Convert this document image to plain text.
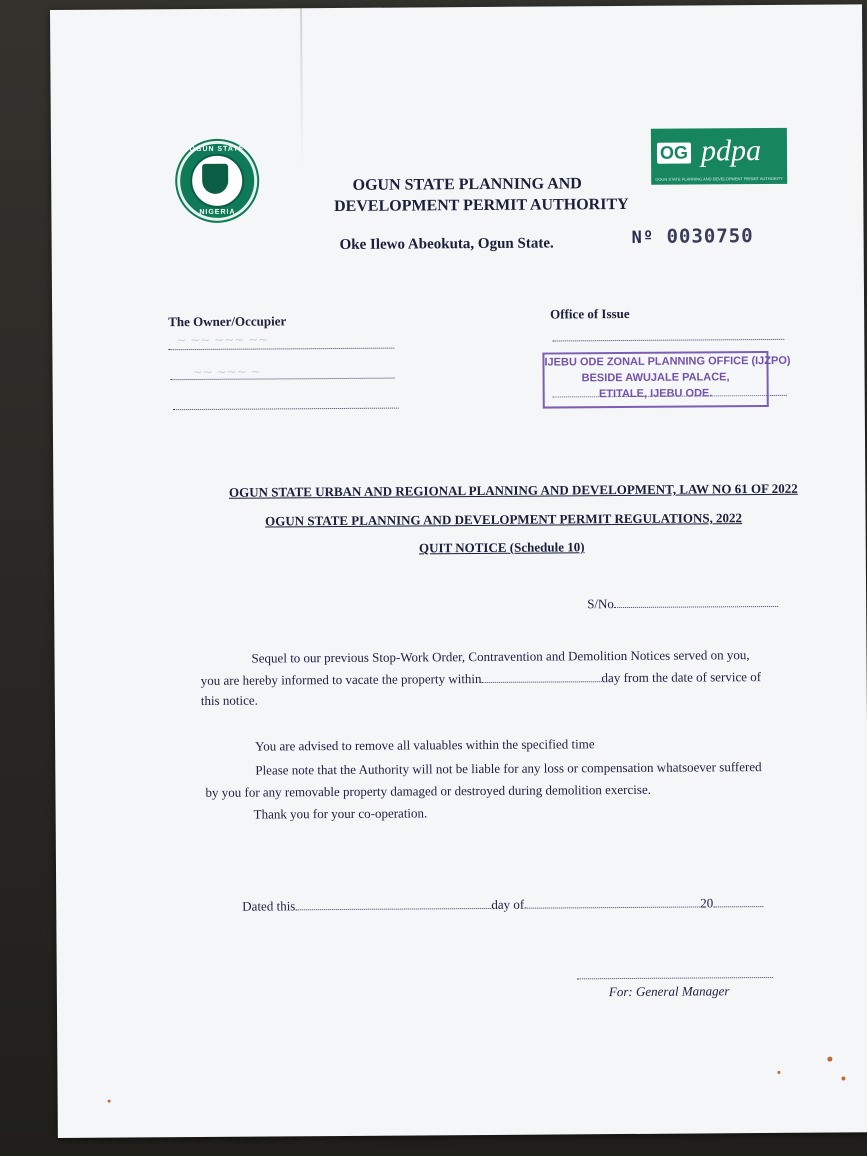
OGUN STATE
NIGERIA
OG pdpa
OGUN STATE PLANNING AND DEVELOPMENT PERMIT AUTHORITY
OGUN STATE PLANNING AND
DEVELOPMENT PERMIT AUTHORITY
Oke Ilewo Abeokuta, Ogun State.	Nº 0030750
The Owner/Occupier
~ ~~ ~~~ ~~
~~ ~~~ ~
Office of Issue
IJEBU ODE ZONAL PLANNING OFFICE (IJZPO)
BESIDE AWUJALE PALACE,
ETITALE, IJEBU ODE.
OGUN STATE URBAN AND REGIONAL PLANNING AND DEVELOPMENT, LAW NO 61 OF 2022
OGUN STATE PLANNING AND DEVELOPMENT PERMIT REGULATIONS, 2022
QUIT NOTICE (Schedule 10)
S/No
Sequel to our previous Stop-Work Order, Contravention and Demolition Notices served on you,
you are hereby informed to vacate the property within	day from the date of service of
this notice.
You are advised to remove all valuables within the specified time
Please note that the Authority will not be liable for any loss or compensation whatsoever suffered
by you for any removable property damaged or destroyed during demolition exercise.
Thank you for your co-operation.
Dated this	day of	20
For: General Manager
